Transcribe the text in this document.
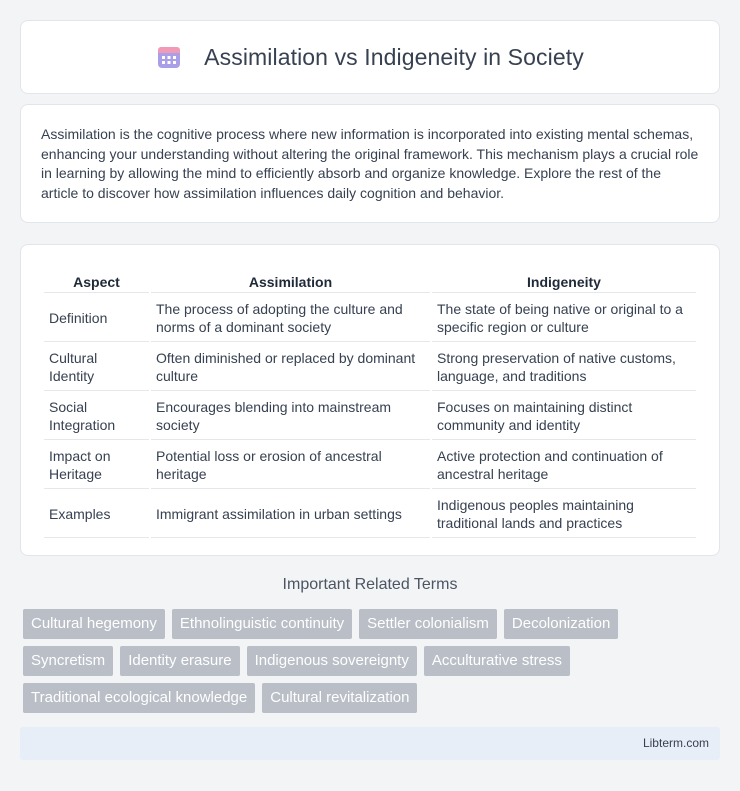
Assimilation vs Indigeneity in Society

Assimilation is the cognitive process where new information is incorporated into existing mental schemas, enhancing your understanding without altering the original framework. This mechanism plays a crucial role in learning by allowing the mind to efficiently absorb and organize knowledge. Explore the rest of the article to discover how assimilation influences daily cognition and behavior.

Aspect	Assimilation	Indigeneity
Definition	The process of adopting the culture and norms of a dominant society	The state of being native or original to a specific region or culture
Cultural Identity	Often diminished or replaced by dominant culture	Strong preservation of native customs, language, and traditions
Social Integration	Encourages blending into mainstream society	Focuses on maintaining distinct community and identity
Impact on Heritage	Potential loss or erosion of ancestral heritage	Active protection and continuation of ancestral heritage
Examples	Immigrant assimilation in urban settings	Indigenous peoples maintaining traditional lands and practices
Important Related Terms
Cultural hegemony	Ethnolinguistic continuity	Settler colonialism	Decolonization
Syncretism	Identity erasure	Indigenous sovereignty	Acculturative stress
Traditional ecological knowledge	Cultural revitalization
Libterm.com
